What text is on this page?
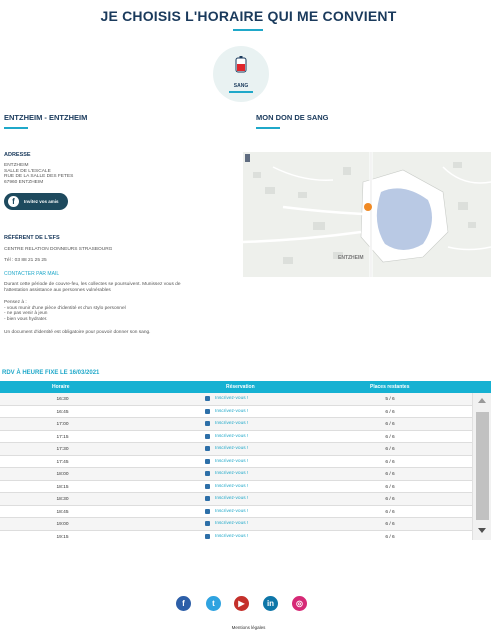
JE CHOISIS L'HORAIRE QUI ME CONVIENT
SANG
ENTZHEIM - ENTZHEIM	MON DON DE SANG
ADRESSE
ENTZHEIM
SALLE DE L'ESCALE
RUE DE LA SALLE DES FETES
67960 ENTZHEIM
f	Invitez vos amis
RÉFÉRENT DE L'EFS
CENTRE RELATION DONNEURS STRASBOURG
Tél : 03 88 21 25 25
CONTACTER PAR MAIL
Durant cette période de couvre-feu, les collectes se poursuivent. Munissez vous de
l'attestation assistance aux personnes vulnérables
Pensez à :
- vous munir d'une pièce d'identité et d'un stylo personnel
- ne pas venir à jeun
- bien vous hydrater.
Un document d'identité est obligatoire pour pouvoir donner son sang.
ENTZHEIM
RDV À HEURE FIXE LE 16/03/2021
Horaire	Réservation	Places restantes
16:30	Inscrivez-vous !	5 / 6
16:45	Inscrivez-vous !	6 / 6
17:00	Inscrivez-vous !	6 / 6
17:15	Inscrivez-vous !	6 / 6
17:30	Inscrivez-vous !	6 / 6
17:45	Inscrivez-vous !	6 / 6
18:00	Inscrivez-vous !	6 / 6
18:15	Inscrivez-vous !	6 / 6
18:30	Inscrivez-vous !	6 / 6
18:45	Inscrivez-vous !	6 / 6
19:00	Inscrivez-vous !	6 / 6
19:15	Inscrivez-vous !	6 / 6
f	t	▶	in	◎
Mentions légales
